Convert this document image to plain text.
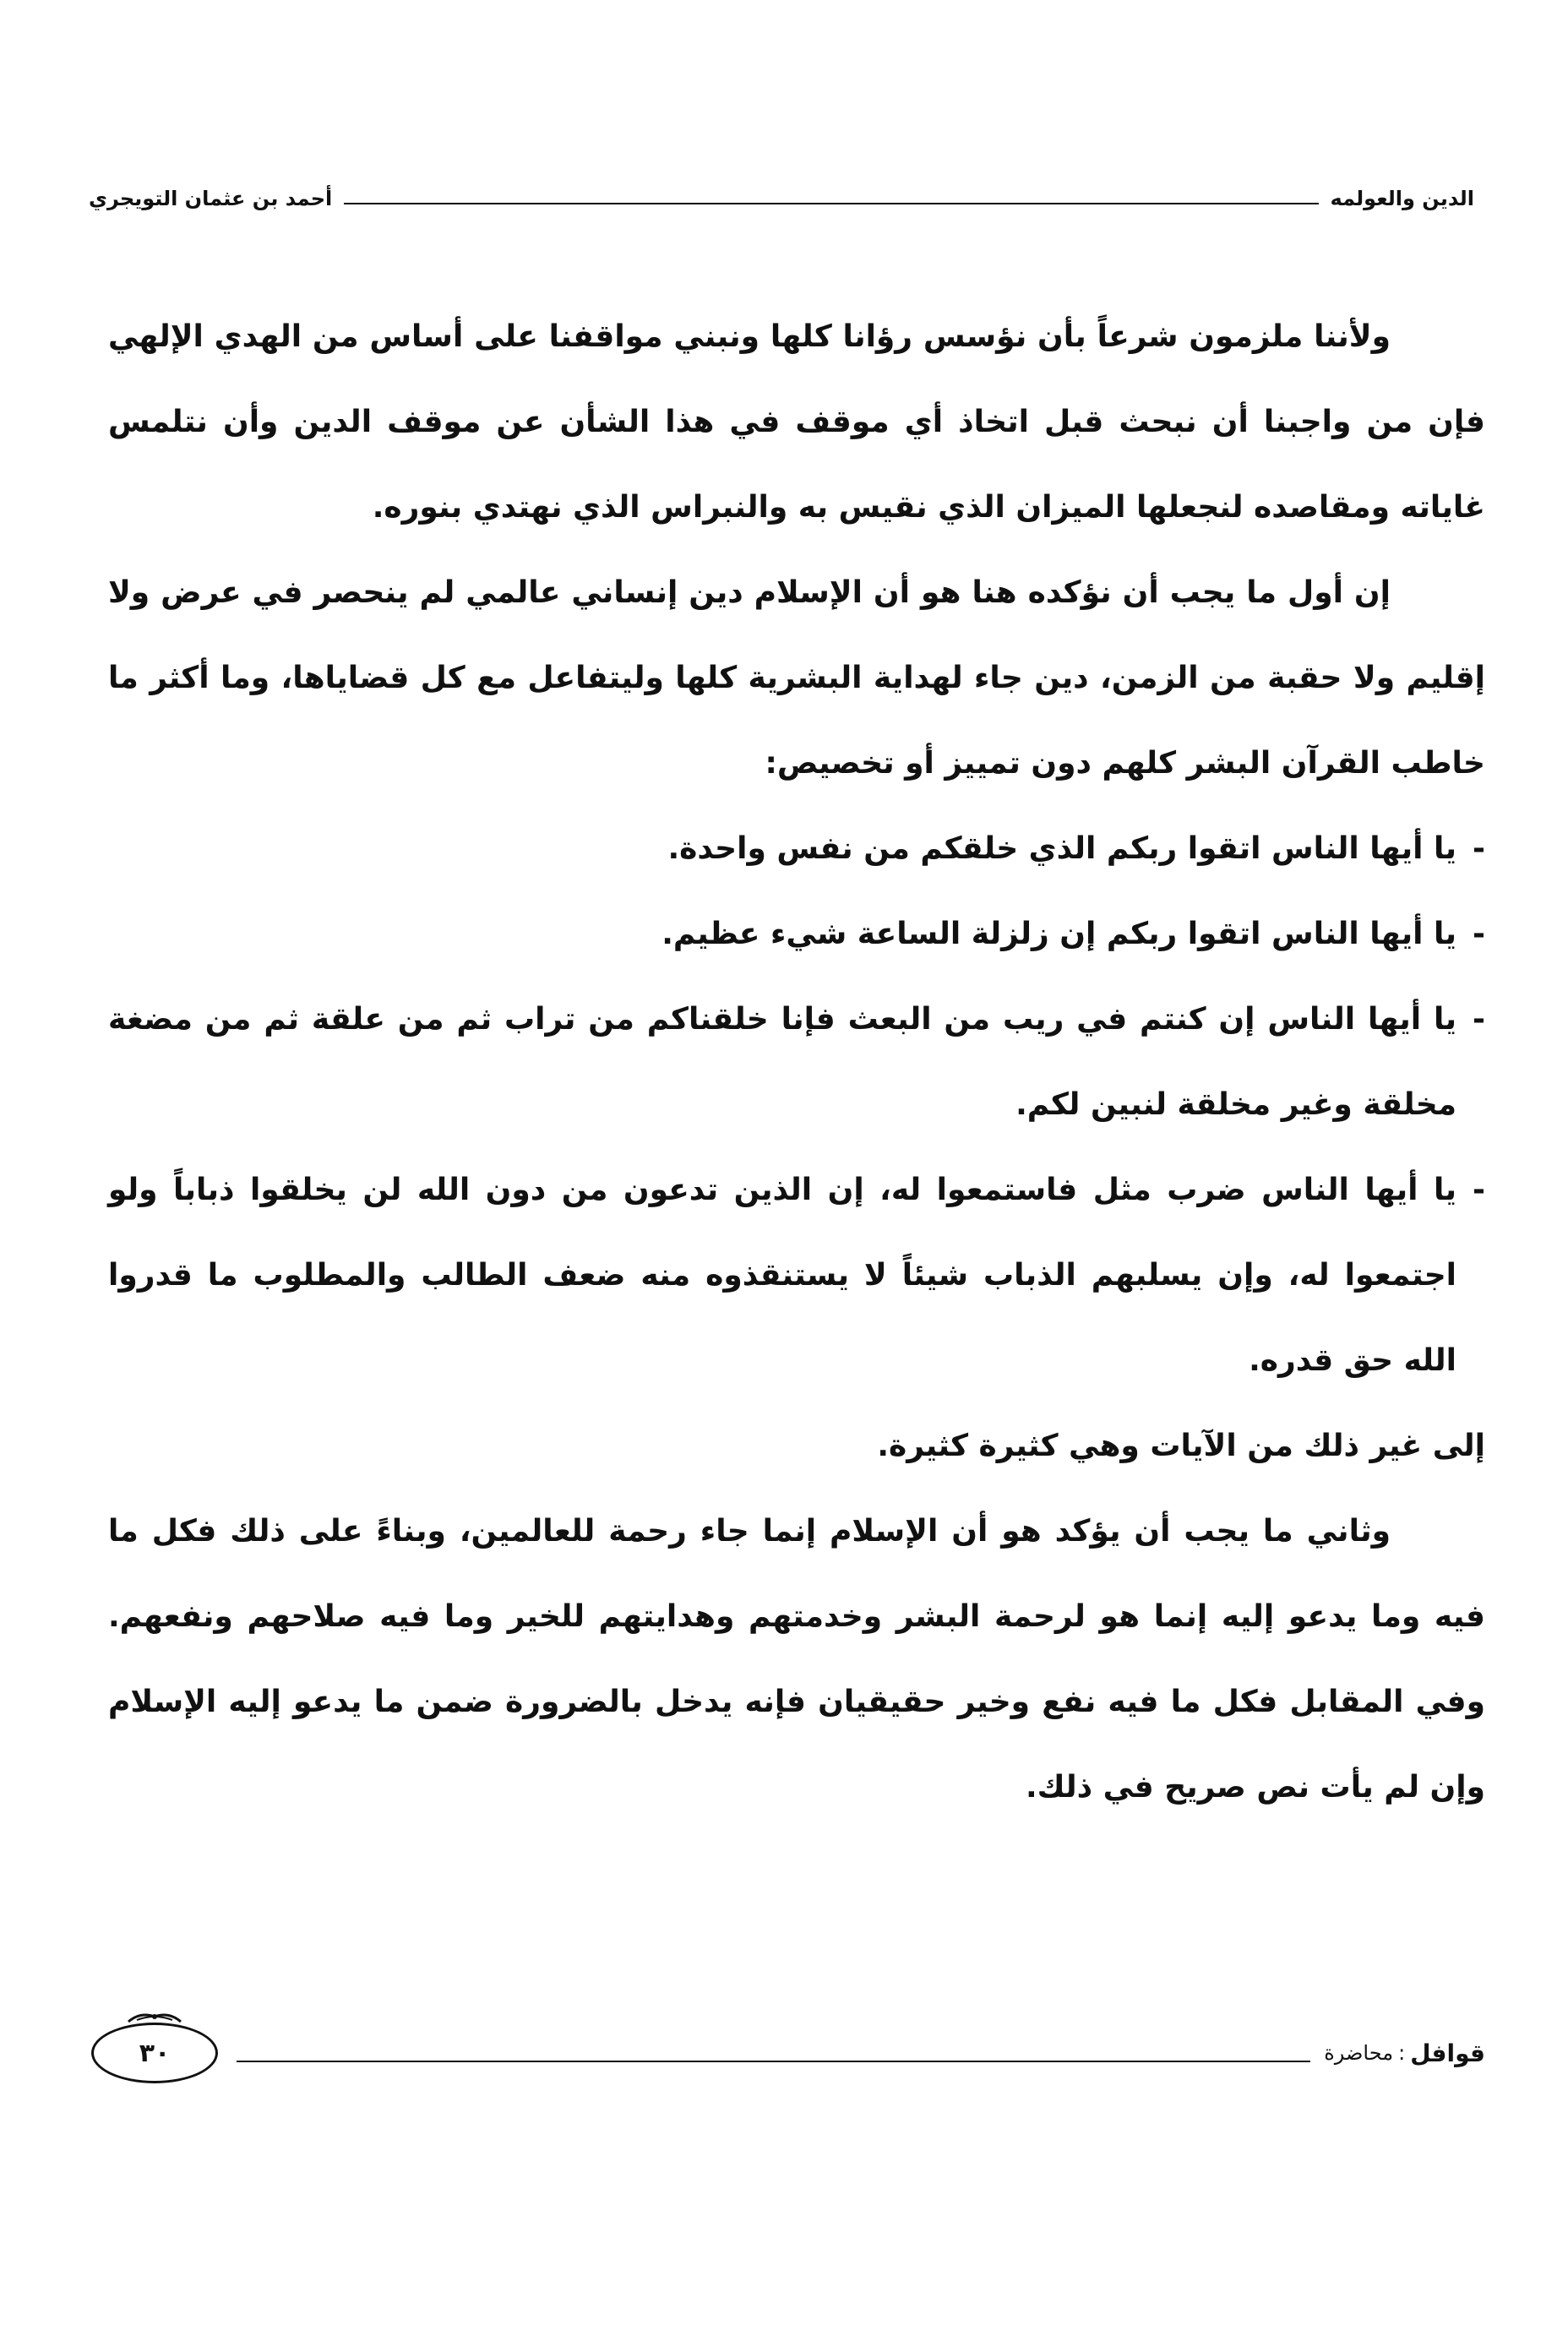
الدين والعولمه
أحمد بن عثمان التويجري

ولأننا ملزمون شرعاً بأن نؤسس رؤانا كلها ونبني مواقفنا على أساس من الهدي الإلهي فإن من واجبنا أن نبحث قبل اتخاذ أي موقف في هذا الشأن عن موقف الدين وأن نتلمس غاياته ومقاصده لنجعلها الميزان الذي نقيس به والنبراس الذي نهتدي بنوره.

إن أول ما يجب أن نؤكده هنا هو أن الإسلام دين إنساني عالمي لم ينحصر في عرض ولا إقليم ولا حقبة من الزمن، دين جاء لهداية البشرية كلها وليتفاعل مع كل قضاياها، وما أكثر ما خاطب القرآن البشر كلهم دون تمييز أو تخصيص:

-
يا أيها الناس اتقوا ربكم الذي خلقكم من نفس واحدة.
-
يا أيها الناس اتقوا ربكم إن زلزلة الساعة شيء عظيم.
-
يا أيها الناس إن كنتم في ريب من البعث فإنا خلقناكم من تراب ثم من علقة ثم من مضغة مخلقة وغير مخلقة لنبين لكم.
-
يا أيها الناس ضرب مثل فاستمعوا له، إن الذين تدعون من دون الله لن يخلقوا ذباباً ولو اجتمعوا له، وإن يسلبهم الذباب شيئاً لا يستنقذوه منه ضعف الطالب والمطلوب ما قدروا الله حق قدره.

إلى غير ذلك من الآيات وهي كثيرة كثيرة.

وثاني ما يجب أن يؤكد هو أن الإسلام إنما جاء رحمة للعالمين، وبناءً على ذلك فكل ما فيه وما يدعو إليه إنما هو لرحمة البشر وخدمتهم وهدايتهم للخير وما فيه صلاحهم ونفعهم. وفي المقابل فكل ما فيه نفع وخير حقيقيان فإنه يدخل بالضرورة ضمن ما يدعو إليه الإسلام وإن لم يأت نص صريح في ذلك.

قوافل
:
محاضرة
٣٠
